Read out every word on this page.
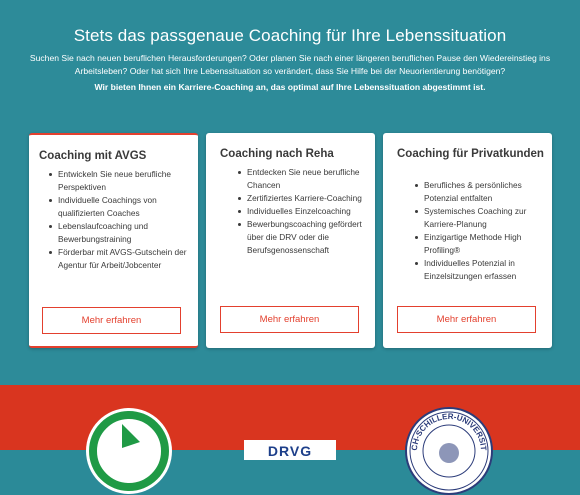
Stets das passgenaue Coaching für Ihre Lebenssituation

Suchen Sie nach neuen beruflichen Herausforderungen? Oder planen Sie nach einer längeren beruflichen Pause den Wiedereinstieg ins Arbeitsleben? Oder hat sich Ihre Lebenssituation so verändert, dass Sie Hilfe bei der Neuorientierung benötigen?

Wir bieten Ihnen ein Karriere-Coaching an, das optimal auf Ihre Lebenssituation abgestimmt ist.

Coaching mit AVGS
Entwickeln Sie neue berufliche Perspektiven
Individuelle Coachings von qualifizierten Coaches
Lebenslaufcoaching und Bewerbungstraining
Förderbar mit AVGS-Gutschein der Agentur für Arbeit/Jobcenter
Mehr erfahren
Coaching nach Reha
Entdecken Sie neue berufliche Chancen
Zertifiziertes Karriere-Coaching
Individuelles Einzelcoaching
Bewerbungscoaching gefördert über die DRV oder die Berufsgenossenschaft
Mehr erfahren
Coaching für Privatkunden
Berufliches & persönliches Potenzial entfalten
Systemisches Coaching zur Karriere-Planung
Einzigartige Methode High Profiling®
Individuelles Potenzial in Einzelsitzungen erfassen
Mehr erfahren
DRVG	CH-SCHILLER-UNIVERSIT
